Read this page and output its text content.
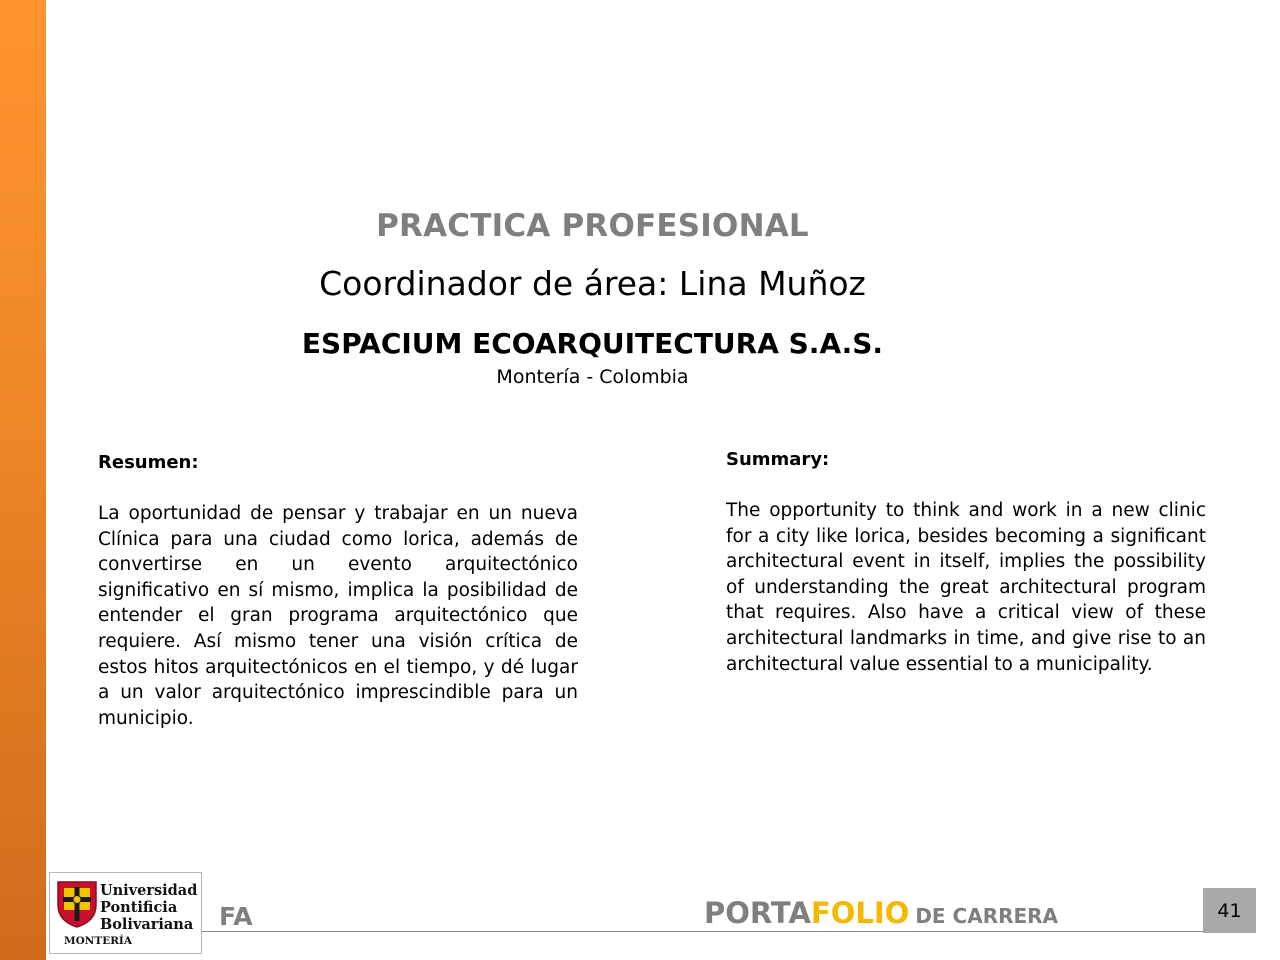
PRACTICA PROFESIONAL
Coordinador de área: Lina Muñoz
ESPACIUM ECOARQUITECTURA S.A.S.
Montería - Colombia

Resumen:

La oportunidad de pensar y trabajar en un nueva Clínica para una ciudad como lorica, además de convertirse en un evento arquitectónico significativo en sí mismo, implica la posibilidad de entender el gran programa arquitectónico que requiere. Así mismo tener una visión crítica de estos hitos arquitectónicos en el tiempo, y dé lugar a un valor arquitectónico imprescindible para un municipio.

Summary:

The opportunity to think and work in a new clinic for a city like lorica, besides becoming a significant architectural event in itself, implies the possibility of understanding the great architectural program that requires. Also have a critical view of these architectural landmarks in time, and give rise to an architectural value essential to a municipality.

Universidad
Pontificia
Bolivariana
MONTERÍA
FA	PORTAFOLIO DE CARRERA	41
